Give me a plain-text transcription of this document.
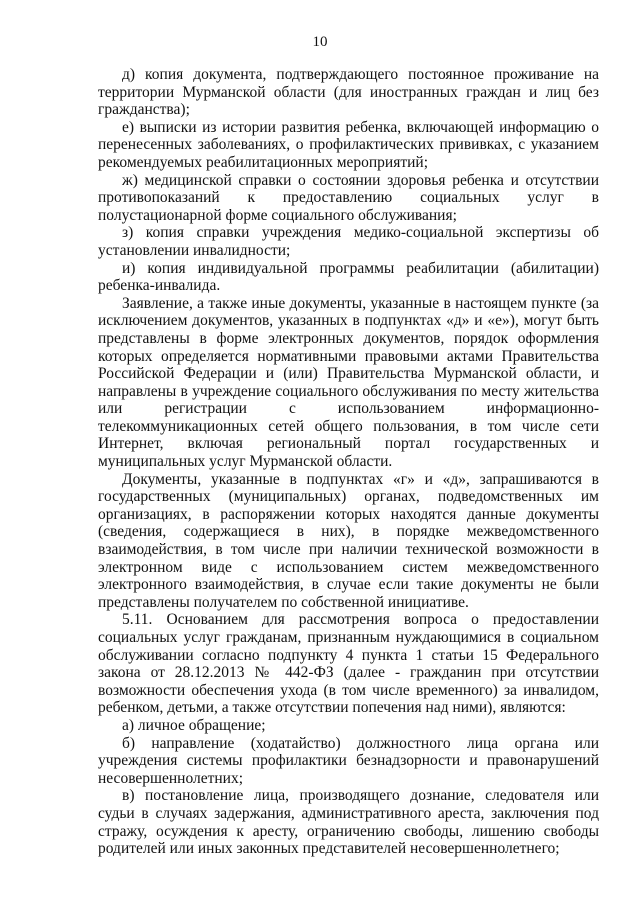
10

д) копия документа, подтверждающего постоянное проживание на территории Мурманской области (для иностранных граждан и лиц без гражданства);

е) выписки из истории развития ребенка, включающей информацию о перенесенных заболеваниях, о профилактических прививках, с указанием рекомендуемых реабилитационных мероприятий;

ж) медицинской справки о состоянии здоровья ребенка и отсутствии противопоказаний к предоставлению социальных услуг в полустационарной форме социального обслуживания;

з) копия справки учреждения медико-социальной экспертизы об установлении инвалидности;

и) копия индивидуальной программы реабилитации (абилитации) ребенка-инвалида.

Заявление, а также иные документы, указанные в настоящем пункте (за исключением документов, указанных в подпунктах «д» и «е»), могут быть представлены в форме электронных документов, порядок оформления которых определяется нормативными правовыми актами Правительства Российской Федерации и (или) Правительства Мурманской области, и направлены в учреждение социального обслуживания по месту жительства или регистрации с использованием информационно-телекоммуникационных сетей общего пользования, в том числе сети Интернет, включая региональный портал государственных и муниципальных услуг Мурманской области.

Документы, указанные в подпунктах «г» и «д», запрашиваются в государственных (муниципальных) органах, подведомственных им организациях, в распоряжении которых находятся данные документы (сведения, содержащиеся в них), в порядке межведомственного взаимодействия, в том числе при наличии технической возможности в электронном виде с использованием систем межведомственного электронного взаимодействия, в случае если такие документы не были представлены получателем по собственной инициативе.

5.11. Основанием для рассмотрения вопроса о предоставлении социальных услуг гражданам, признанным нуждающимися в социальном обслуживании согласно подпункту 4 пункта 1 статьи 15 Федерального закона от 28.12.2013 № 442-ФЗ (далее - гражданин при отсутствии возможности обеспечения ухода (в том числе временного) за инвалидом, ребенком, детьми, а также отсутствии попечения над ними), являются:

а) личное обращение;

б) направление (ходатайство) должностного лица органа или учреждения системы профилактики безнадзорности и правонарушений несовершеннолетних;

в) постановление лица, производящего дознание, следователя или судьи в случаях задержания, административного ареста, заключения под стражу, осуждения к аресту, ограничению свободы, лишению свободы родителей или иных законных представителей несовершеннолетнего;
